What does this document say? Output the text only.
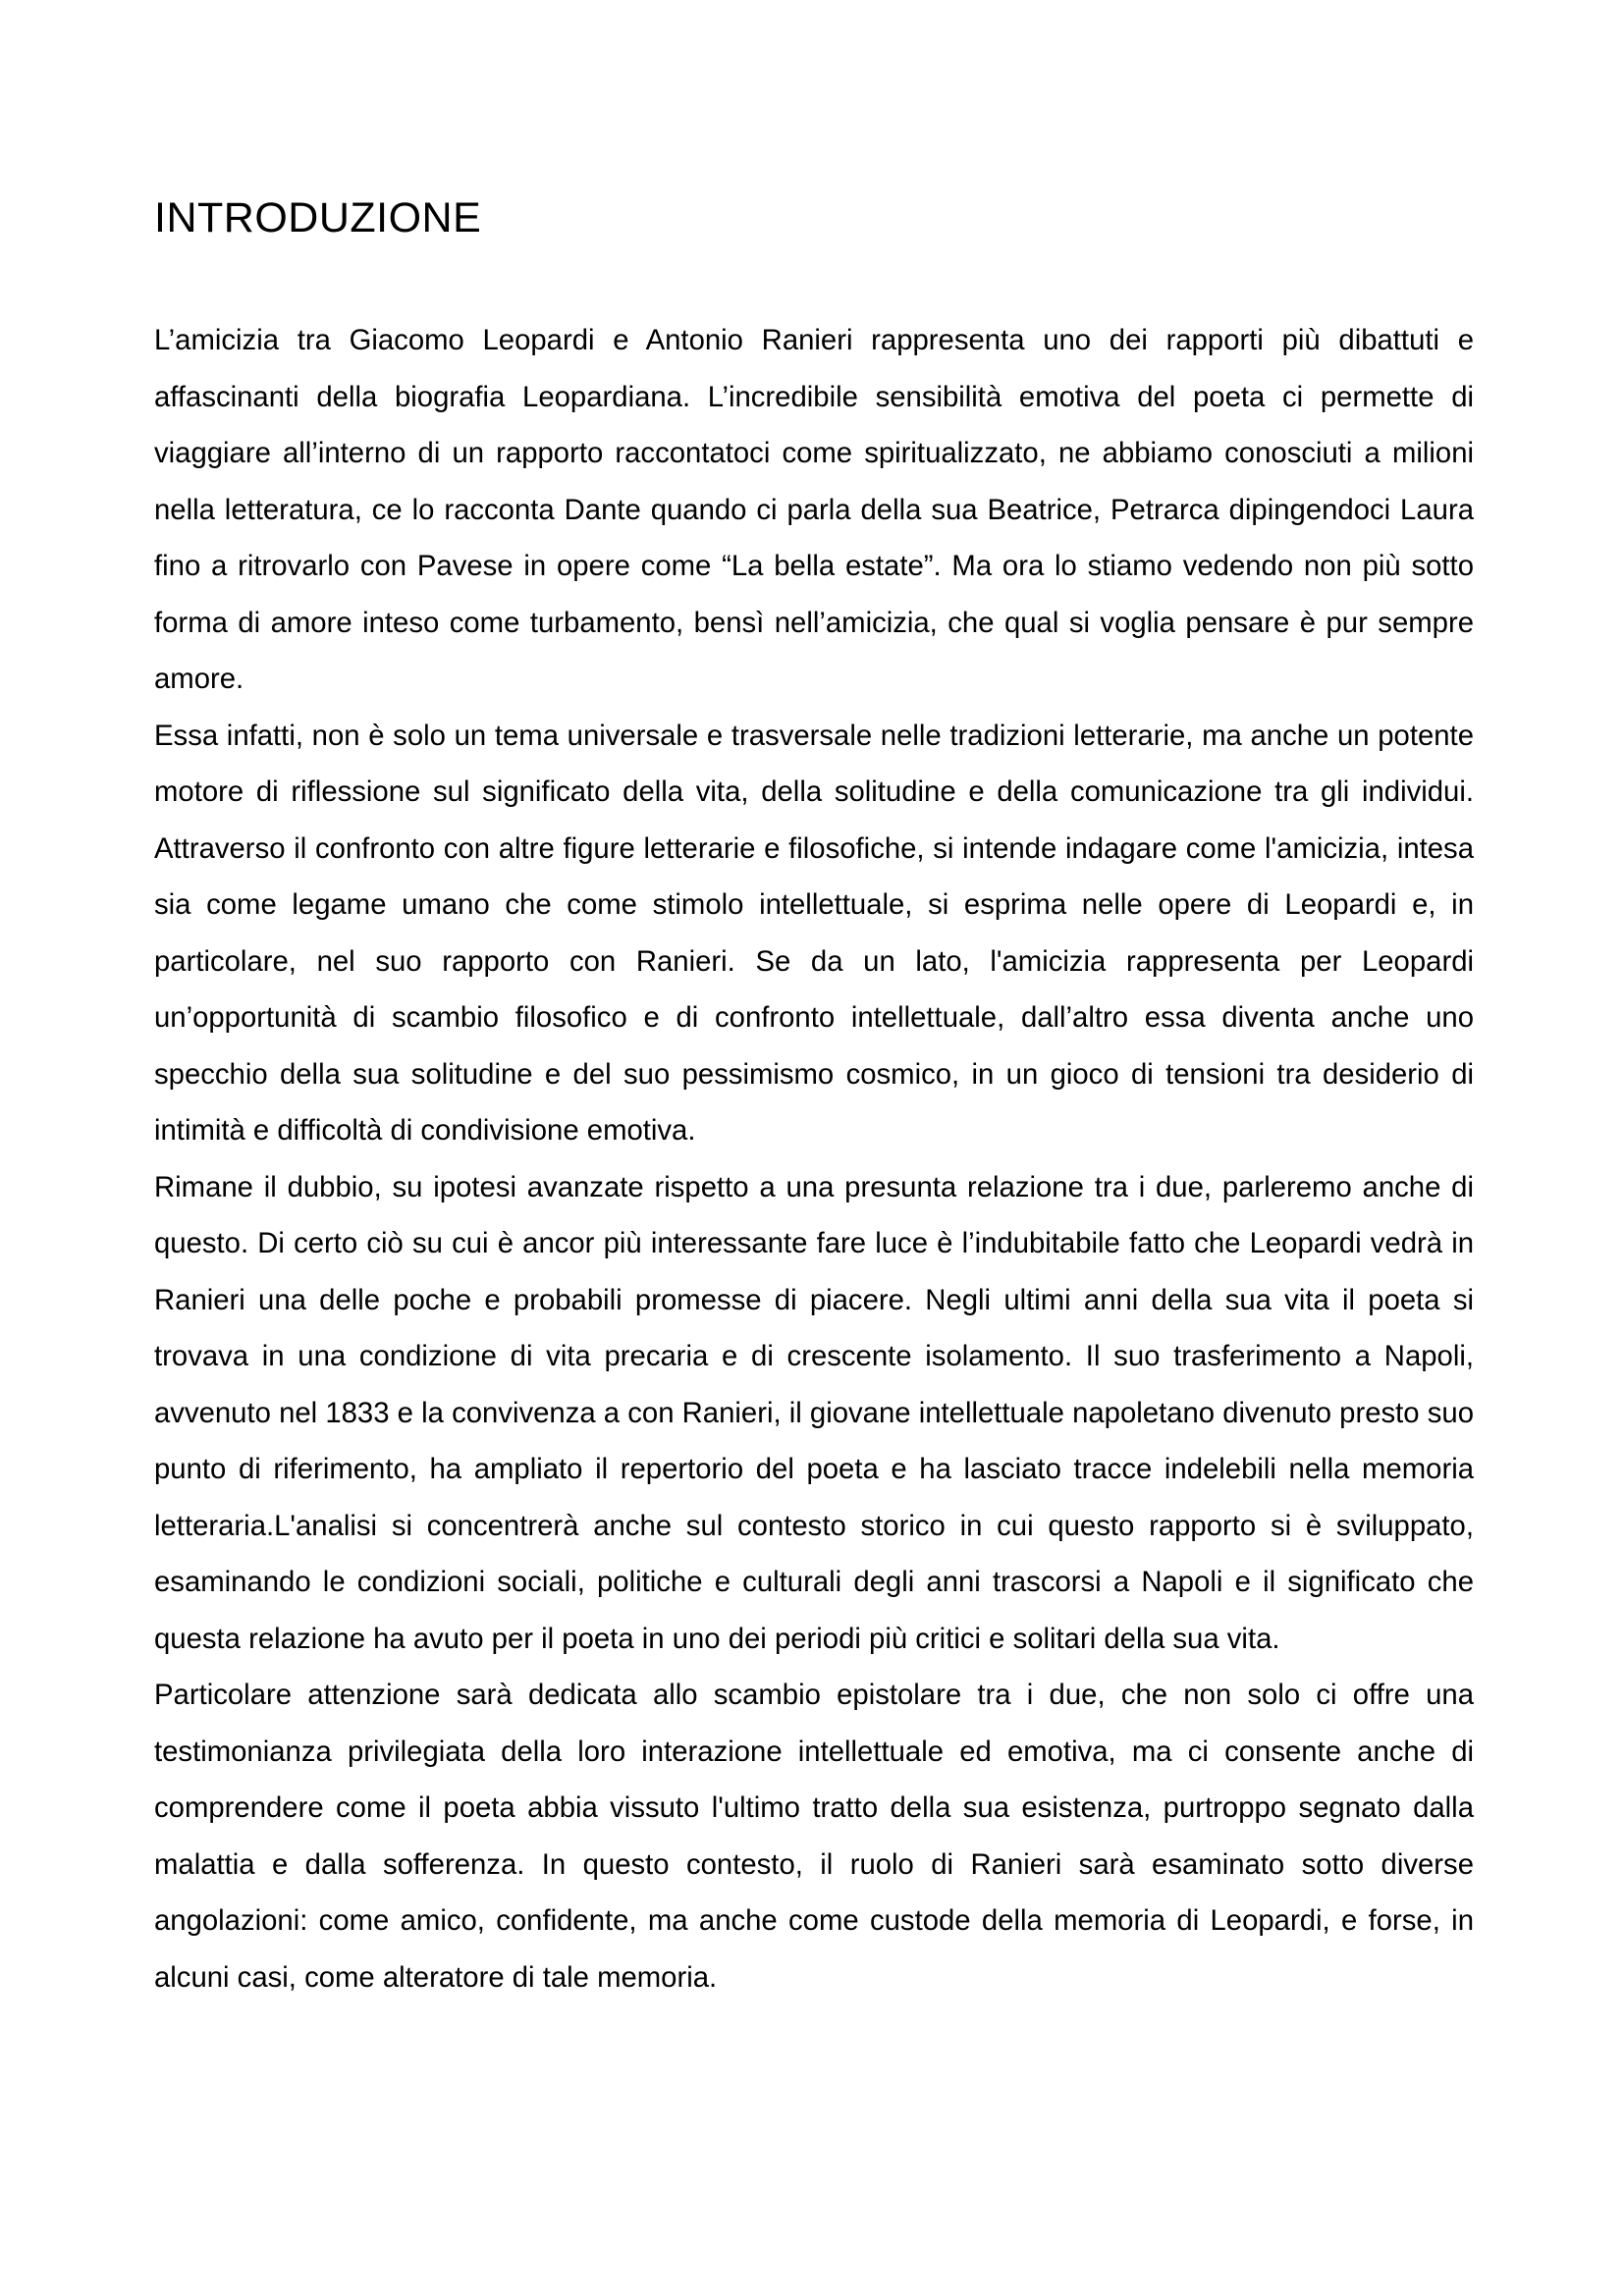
INTRODUZIONE

L’amicizia tra Giacomo Leopardi e Antonio Ranieri rappresenta uno dei rapporti più dibattuti e affascinanti della biografia Leopardiana. L’incredibile sensibilità emotiva del poeta ci permette di viaggiare all’interno di un rapporto raccontatoci come spiritualizzato, ne abbiamo conosciuti a milioni nella letteratura, ce lo racconta Dante quando ci parla della sua Beatrice, Petrarca dipingendoci Laura fino a ritrovarlo con Pavese in opere come “La bella estate”. Ma ora lo stiamo vedendo non più sotto forma di amore inteso come turbamento, bensì nell’amicizia, che qual si voglia pensare è pur sempre amore.

Essa infatti, non è solo un tema universale e trasversale nelle tradizioni letterarie, ma anche un potente motore di riflessione sul significato della vita, della solitudine e della comunicazione tra gli individui. Attraverso il confronto con altre figure letterarie e filosofiche, si intende indagare come l'amicizia, intesa sia come legame umano che come stimolo intellettuale, si esprima nelle opere di Leopardi e, in particolare, nel suo rapporto con Ranieri. Se da un lato, l'amicizia rappresenta per Leopardi un’opportunità di scambio filosofico e di confronto intellettuale, dall’altro essa diventa anche uno specchio della sua solitudine e del suo pessimismo cosmico, in un gioco di tensioni tra desiderio di intimità e difficoltà di condivisione emotiva.

Rimane il dubbio, su ipotesi avanzate rispetto a una presunta relazione tra i due, parleremo anche di questo. Di certo ciò su cui è ancor più interessante fare luce è l’indubitabile fatto che Leopardi vedrà in Ranieri una delle poche e probabili promesse di piacere. Negli ultimi anni della sua vita il poeta si trovava in una condizione di vita precaria e di crescente isolamento. Il suo trasferimento a Napoli, avvenuto nel 1833 e la convivenza a con Ranieri, il giovane intellettuale napoletano divenuto presto suo punto di riferimento, ha ampliato il repertorio del poeta e ha lasciato tracce indelebili nella memoria letteraria.L'analisi si concentrerà anche sul contesto storico in cui questo rapporto si è sviluppato, esaminando le condizioni sociali, politiche e culturali degli anni trascorsi a Napoli e il significato che questa relazione ha avuto per il poeta in uno dei periodi più critici e solitari della sua vita.

Particolare attenzione sarà dedicata allo scambio epistolare tra i due, che non solo ci offre una testimonianza privilegiata della loro interazione intellettuale ed emotiva, ma ci consente anche di comprendere come il poeta abbia vissuto l'ultimo tratto della sua esistenza, purtroppo segnato dalla malattia e dalla sofferenza. In questo contesto, il ruolo di Ranieri sarà esaminato sotto diverse angolazioni: come amico, confidente, ma anche come custode della memoria di Leopardi, e forse, in alcuni casi, come alteratore di tale memoria.
